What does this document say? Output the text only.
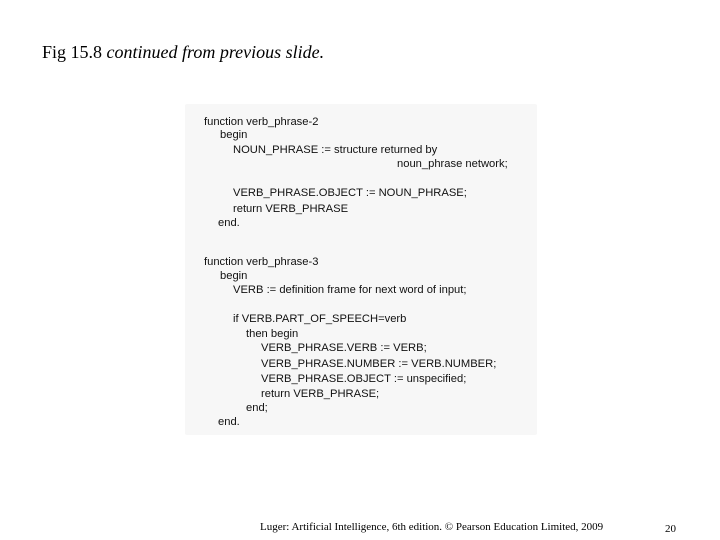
Fig 15.8 continued from previous slide.
function verb_phrase-2
begin
NOUN_PHRASE := structure returned by
noun_phrase network;
VERB_PHRASE.OBJECT := NOUN_PHRASE;
return VERB_PHRASE
end.
function verb_phrase-3
begin
VERB := definition frame for next word of input;
if VERB.PART_OF_SPEECH=verb
then begin
VERB_PHRASE.VERB := VERB;
VERB_PHRASE.NUMBER := VERB.NUMBER;
VERB_PHRASE.OBJECT := unspecified;
return VERB_PHRASE;
end;
end.
Luger: Artificial Intelligence, 6th edition. © Pearson Education Limited, 2009	20
